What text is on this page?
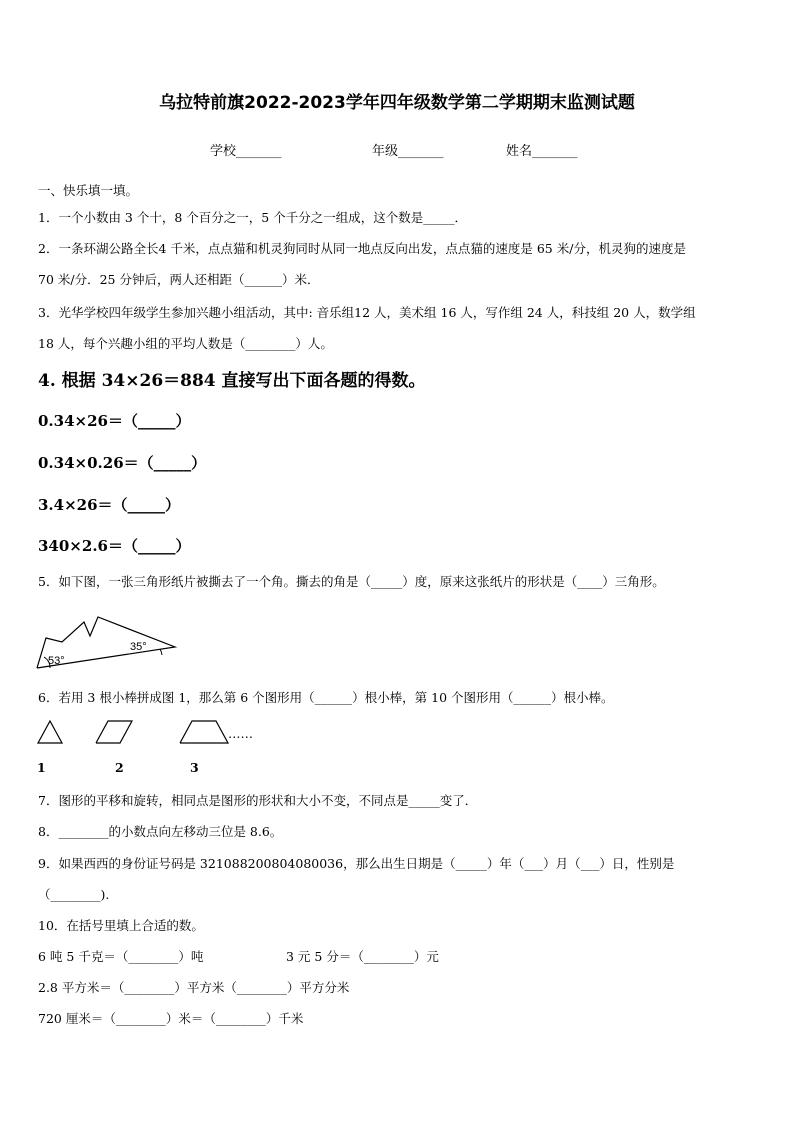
乌拉特前旗2022-2023学年四年级数学第二学期期末监测试题
学校_______	年级_______	姓名_______
一、快乐填一填。
1．一个小数由 3 个十，8 个百分之一，5 个千分之一组成，这个数是_____．
2．一条环湖公路全长4 千米，点点猫和机灵狗同时从同一地点反向出发，点点猫的速度是 65 米/分，机灵狗的速度是
70 米/分．25 分钟后，两人还相距（______）米．
3．光华学校四年级学生参加兴趣小组活动，其中: 音乐组12 人，美术组 16 人，写作组 24 人，科技组 20 人，数学组
18 人，每个兴趣小组的平均人数是（________）人。
4. 根据 34×26＝884 直接写出下面各题的得数。
0.34×26＝（_____）
0.34×0.26＝（_____）
3.4×26＝（_____）
340×2.6＝（_____）
5．如下图，一张三角形纸片被撕去了一个角。撕去的角是（_____）度，原来这张纸片的形状是（____）三角形。
53°
35°
6．若用 3 根小棒拼成图 1，那么第 6 个图形用（______）根小棒，第 10 个图形用（______）根小棒。
……
1	2	3
7．图形的平移和旋转，相同点是图形的形状和大小不变，不同点是_____变了．
8．________的小数点向左移动三位是 8.6。
9．如果西西的身份证号码是 321088200804080036，那么出生日期是（_____）年（___）月（___）日，性别是
（________).
10．在括号里填上合适的数。
6 吨 5 千克＝（________）吨	3 元 5 分＝（________）元
2.8 平方米＝（________）平方米（________）平方分米
720 厘米＝（________）米＝（________）千米
